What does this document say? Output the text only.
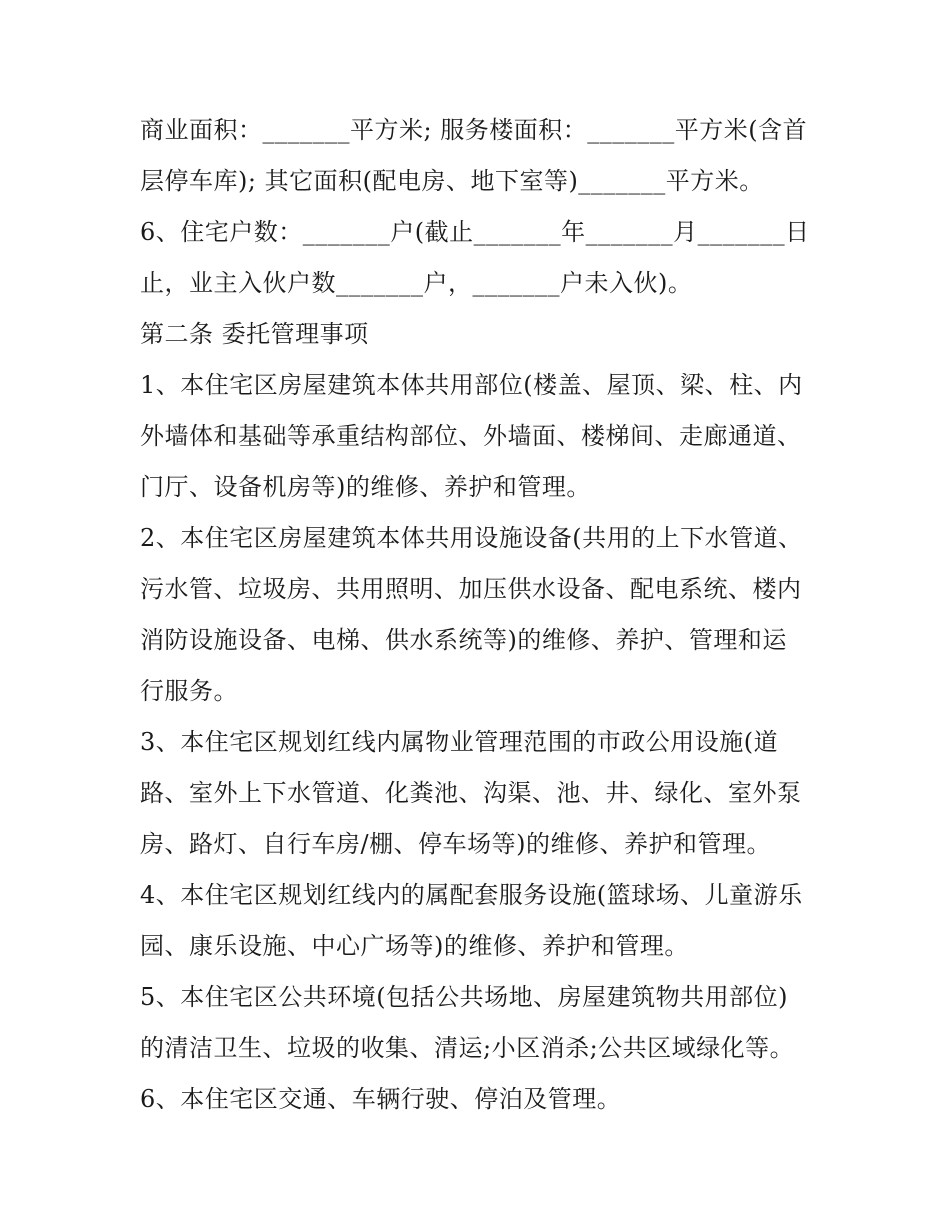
商业面积：_______平方米; 服务楼面积：_______平方米(含首
层停车库); 其它面积(配电房、地下室等)_______平方米。
6、住宅户数：_______户(截止_______年_______月_______日
止，业主入伙户数_______户，_______户未入伙)。
第二条 委托管理事项
1、本住宅区房屋建筑本体共用部位(楼盖、屋顶、梁、柱、内
外墙体和基础等承重结构部位、外墙面、楼梯间、走廊通道、
门厅、设备机房等)的维修、养护和管理。
2、本住宅区房屋建筑本体共用设施设备(共用的上下水管道、
污水管、垃圾房、共用照明、加压供水设备、配电系统、楼内
消防设施设备、电梯、供水系统等)的维修、养护、管理和运
行服务。
3、本住宅区规划红线内属物业管理范围的市政公用设施(道
路、室外上下水管道、化粪池、沟渠、池、井、绿化、室外泵
房、路灯、自行车房/棚、停车场等)的维修、养护和管理。
4、本住宅区规划红线内的属配套服务设施(篮球场、儿童游乐
园、康乐设施、中心广场等)的维修、养护和管理。
5、本住宅区公共环境(包括公共场地、房屋建筑物共用部位)
的清洁卫生、垃圾的收集、清运;小区消杀;公共区域绿化等。
6、本住宅区交通、车辆行驶、停泊及管理。
